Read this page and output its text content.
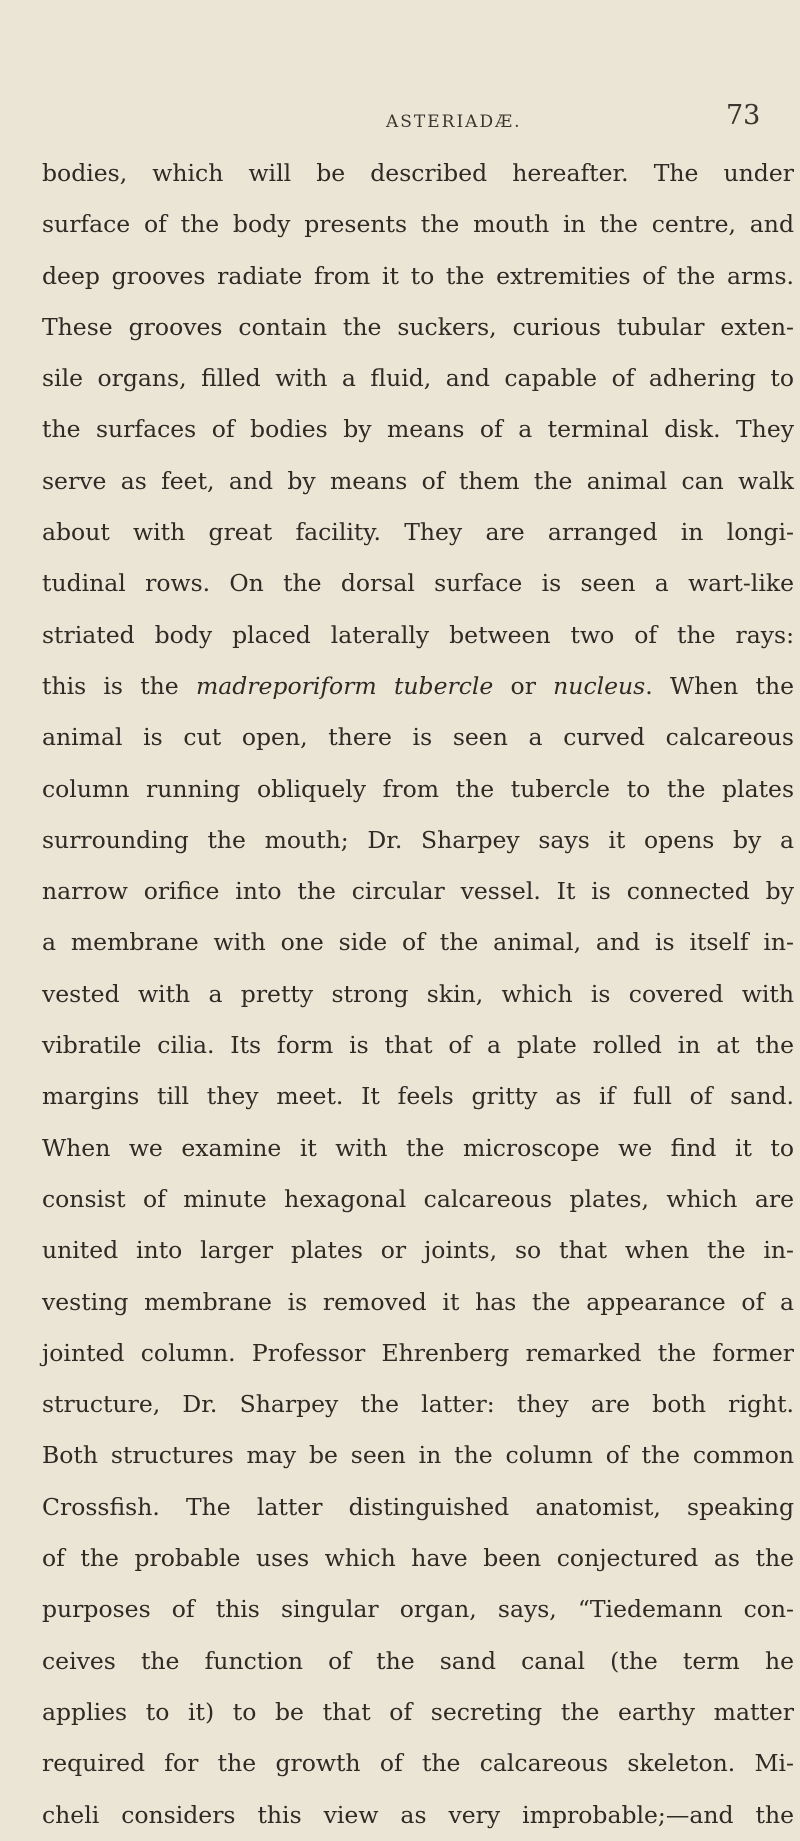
ASTERIADÆ.	73
bodies, which will be described hereafter. The under
surface of the body presents the mouth in the centre, and
deep grooves radiate from it to the extremities of the arms.
These grooves contain the suckers, curious tubular exten-
sile organs, filled with a fluid, and capable of adhering to
the surfaces of bodies by means of a terminal disk. They
serve as feet, and by means of them the animal can walk
about with great facility. They are arranged in longi-
tudinal rows. On the dorsal surface is seen a wart-like
striated body placed laterally between two of the rays:
this is the madreporiform tubercle or nucleus. When the
animal is cut open, there is seen a curved calcareous
column running obliquely from the tubercle to the plates
surrounding the mouth; Dr. Sharpey says it opens by a
narrow orifice into the circular vessel. It is connected by
a membrane with one side of the animal, and is itself in-
vested with a pretty strong skin, which is covered with
vibratile cilia. Its form is that of a plate rolled in at the
margins till they meet. It feels gritty as if full of sand.
When we examine it with the microscope we find it to
consist of minute hexagonal calcareous plates, which are
united into larger plates or joints, so that when the in-
vesting membrane is removed it has the appearance of a
jointed column. Professor Ehrenberg remarked the former
structure, Dr. Sharpey the latter: they are both right.
Both structures may be seen in the column of the common
Crossfish. The latter distinguished anatomist, speaking
of the probable uses which have been conjectured as the
purposes of this singular organ, says, “Tiedemann con-
ceives the function of the sand canal (the term he
applies to it) to be that of secreting the earthy matter
required for the growth of the calcareous skeleton. Mi-
cheli considers this view as very improbable;—and the
